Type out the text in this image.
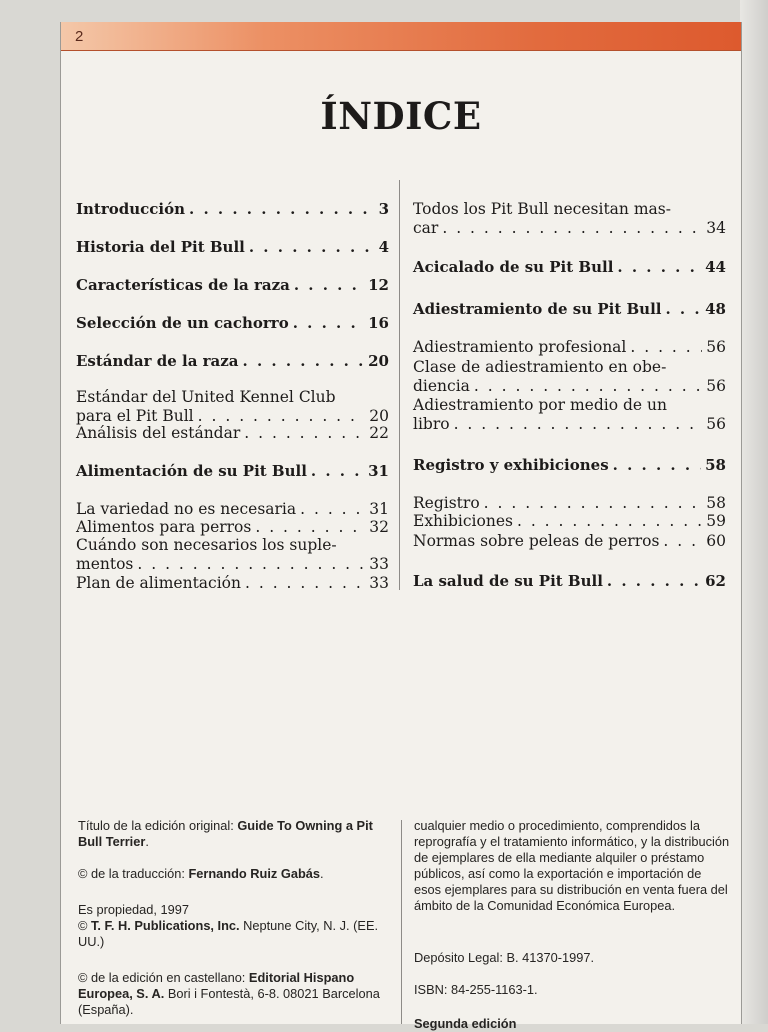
2
ÍNDICE
Introducción . . .	3
Historia del Pit Bull . . .	4
Características de la raza . . .	12
Selección de un cachorro . . .	16
Estándar de la raza . . .	20
Estándar del United Kennel Club
para el Pit Bull . . .	20
Análisis del estándar . . .	22
Alimentación de su Pit Bull . . .	31
La variedad no es necesaria . . .	31
Alimentos para perros . . .	32
Cuándo son necesarios los suple-
mentos . . .	33
Plan de alimentación . . .	33
Todos los Pit Bull necesitan mas-
car . . .	34
Acicalado de su Pit Bull . . .	44
Adiestramiento de su Pit Bull . . .	48
Adiestramiento profesional . . .	56
Clase de adiestramiento en obe-
diencia . . .	56
Adiestramiento por medio de un
libro . . .	56
Registro y exhibiciones . . .	58
Registro . . .	58
Exhibiciones . . .	59
Normas sobre peleas de perros . . .	60
La salud de su Pit Bull . . .	62
Título de la edición original: Guide To Owning a Pit Bull Terrier.
© de la traducción: Fernando Ruiz Gabás.
Es propiedad, 1997
© T. F. H. Publications, Inc. Neptune City, N. J. (EE. UU.)
© de la edición en castellano: Editorial Hispano Europea, S. A. Bori i Fontestà, 6-8. 08021 Barcelona (España).
cualquier medio o procedimiento, comprendidos la reprografía y el tratamiento informático, y la distribución de ejemplares de ella mediante alquiler o préstamo públicos, así como la exportación e importación de esos ejemplares para su distribución en venta fuera del ámbito de la Comunidad Económica Europea.
Depósito Legal: B. 41370-1997.
ISBN: 84-255-1163-1.
Segunda edición
